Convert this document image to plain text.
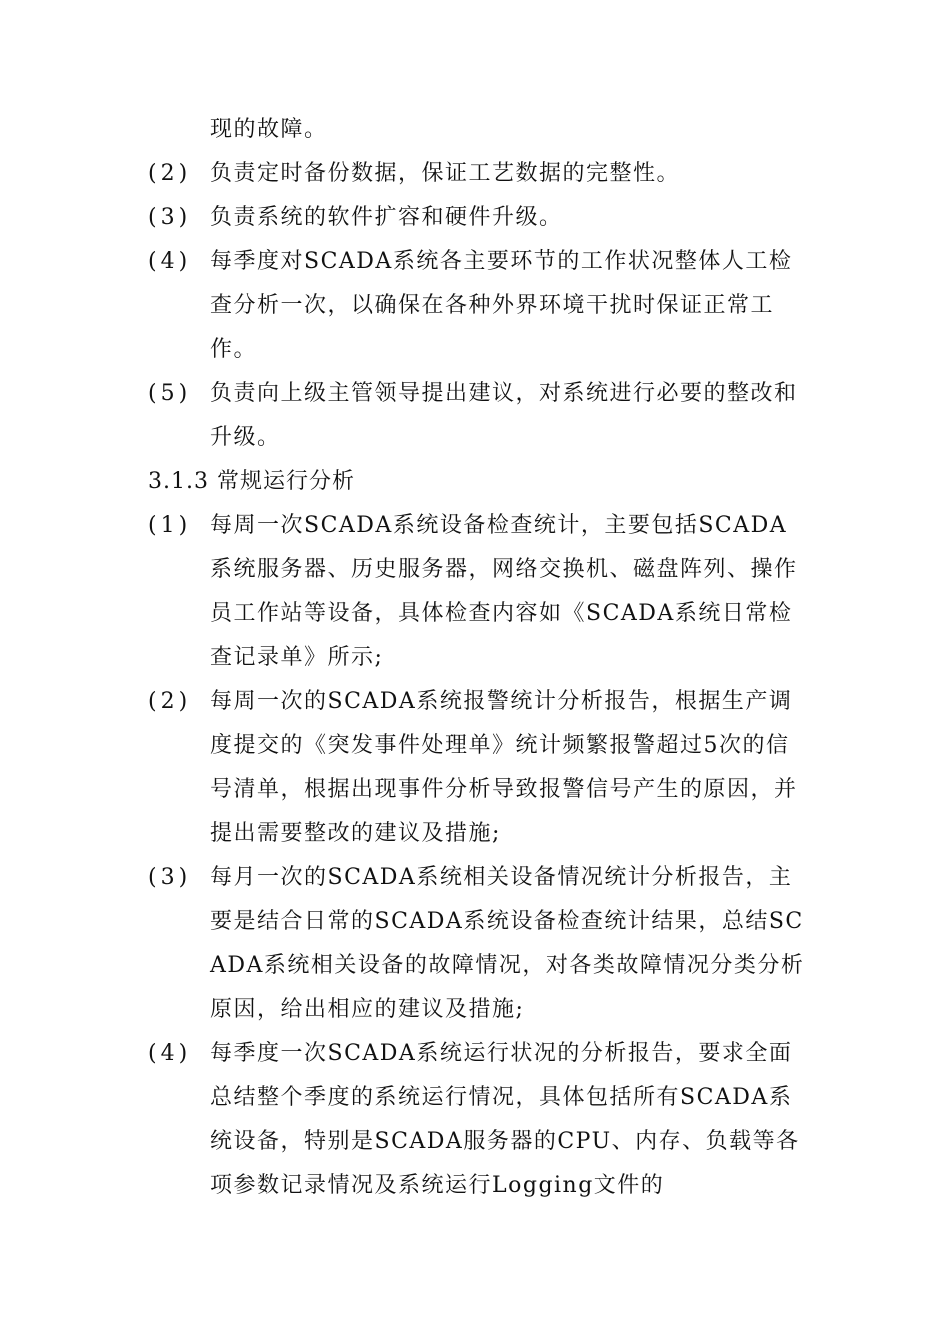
现的故障。
(2) 负责定时备份数据，保证工艺数据的完整性。
(3) 负责系统的软件扩容和硬件升级。
(4) 每季度对SCADA系统各主要环节的工作状况整体人工检查分析一次，以确保在各种外界环境干扰时保证正常工作。
(5) 负责向上级主管领导提出建议，对系统进行必要的整改和升级。
3.1.3 常规运行分析
(1) 每周一次SCADA系统设备检查统计，主要包括SCADA系统服务器、历史服务器，网络交换机、磁盘阵列、操作员工作站等设备，具体检查内容如《SCADA系统日常检查记录单》所示;
(2) 每周一次的SCADA系统报警统计分析报告，根据生产调度提交的《突发事件处理单》统计频繁报警超过5次的信号清单，根据出现事件分析导致报警信号产生的原因，并提出需要整改的建议及措施;
(3) 每月一次的SCADA系统相关设备情况统计分析报告，主要是结合日常的SCADA系统设备检查统计结果，总结SCADA系统相关设备的故障情况，对各类故障情况分类分析原因，给出相应的建议及措施;
(4) 每季度一次SCADA系统运行状况的分析报告，要求全面总结整个季度的系统运行情况，具体包括所有SCADA系统设备，特别是SCADA服务器的CPU、内存、负载等各项参数记录情况及系统运行Logging文件的
